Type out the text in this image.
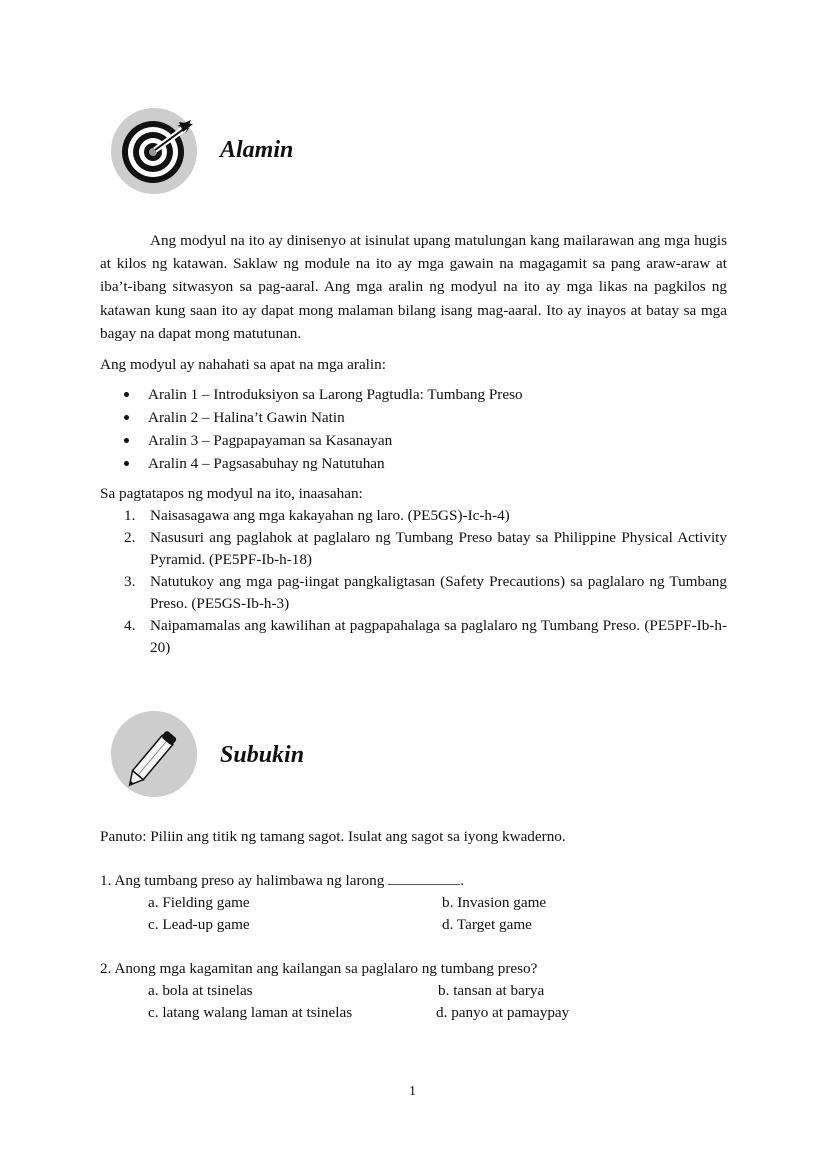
Alamin
Ang modyul na ito ay dinisenyo at isinulat upang matulungan kang mailarawan ang mga hugis at kilos ng katawan. Saklaw ng module na ito ay mga gawain na magagamit sa pang araw-araw at iba’t-ibang sitwasyon sa pag-aaral. Ang mga aralin ng modyul na ito ay mga likas na pagkilos ng katawan kung saan ito ay dapat mong malaman bilang isang mag-aaral. Ito ay inayos at batay sa mga bagay na dapat mong matutunan.
Ang modyul ay nahahati sa apat na mga aralin:
Aralin 1 – Introduksiyon sa Larong Pagtudla: Tumbang Preso
Aralin 2 – Halina’t Gawin Natin
Aralin 3 – Pagpapayaman sa Kasanayan
Aralin 4 – Pagsasabuhay ng Natutuhan
Sa pagtatapos ng modyul na ito, inaasahan:
1. Naisasagawa ang mga kakayahan ng laro. (PE5GS)-Ic-h-4)
2. Nasusuri ang paglahok at paglalaro ng Tumbang Preso batay sa Philippine Physical Activity Pyramid. (PE5PF-Ib-h-18)
3. Natutukoy ang mga pag-iingat pangkaligtasan (Safety Precautions) sa paglalaro ng Tumbang Preso. (PE5GS-Ib-h-3)
4. Naipamamalas ang kawilihan at pagpapahalaga sa paglalaro ng Tumbang Preso. (PE5PF-Ib-h-20)
Subukin
Panuto: Piliin ang titik ng tamang sagot. Isulat ang sagot sa iyong kwaderno.
1. Ang tumbang preso ay halimbawa ng larong	.
a. Fielding game	b. Invasion game
c. Lead-up game	d. Target game
2. Anong mga kagamitan ang kailangan sa paglalaro ng tumbang preso?
a. bola at tsinelas	b. tansan at barya
c. latang walang laman at tsinelas	d. panyo at pamaypay
1
